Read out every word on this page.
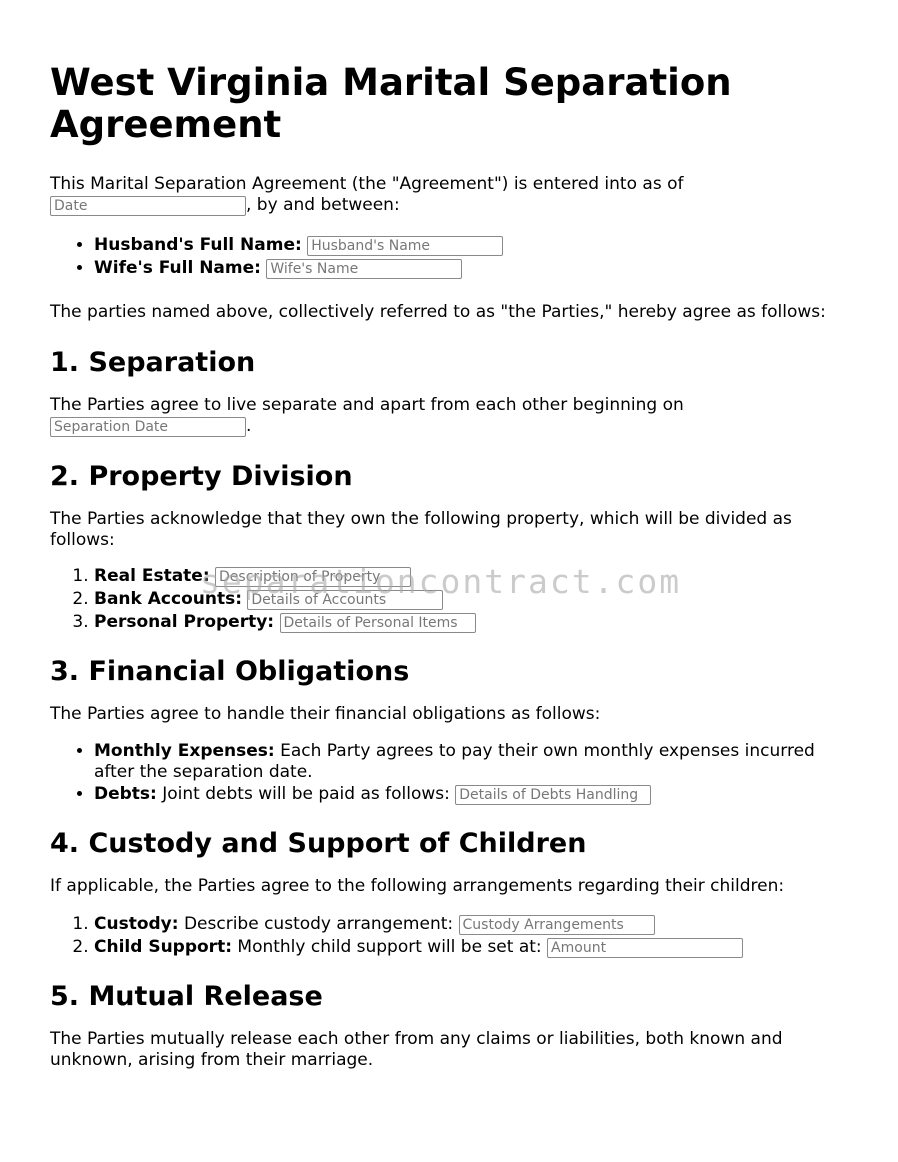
West Virginia Marital Separation Agreement

This Marital Separation Agreement (the "Agreement") is entered into as of
Date, by and between:

• Husband's Full Name: Husband's Name
• Wife's Full Name: Wife's Name

The parties named above, collectively referred to as "the Parties," hereby agree as follows:

1. Separation

The Parties agree to live separate and apart from each other beginning on
Separation Date.

2. Property Division

The Parties acknowledge that they own the following property, which will be divided as follows:

1. Real Estate: Description of Property
2. Bank Accounts: Details of Accounts
3. Personal Property: Details of Personal Items
3. Financial Obligations

The Parties agree to handle their financial obligations as follows:

• Monthly Expenses: Each Party agrees to pay their own monthly expenses incurred after the separation date.
• Debts: Joint debts will be paid as follows: Details of Debts Handling
4. Custody and Support of Children

If applicable, the Parties agree to the following arrangements regarding their children:

1. Custody: Describe custody arrangement: Custody Arrangements
2. Child Support: Monthly child support will be set at: Amount
5. Mutual Release

The Parties mutually release each other from any claims or liabilities, both known and unknown, arising from their marriage.

separationcontract.com
